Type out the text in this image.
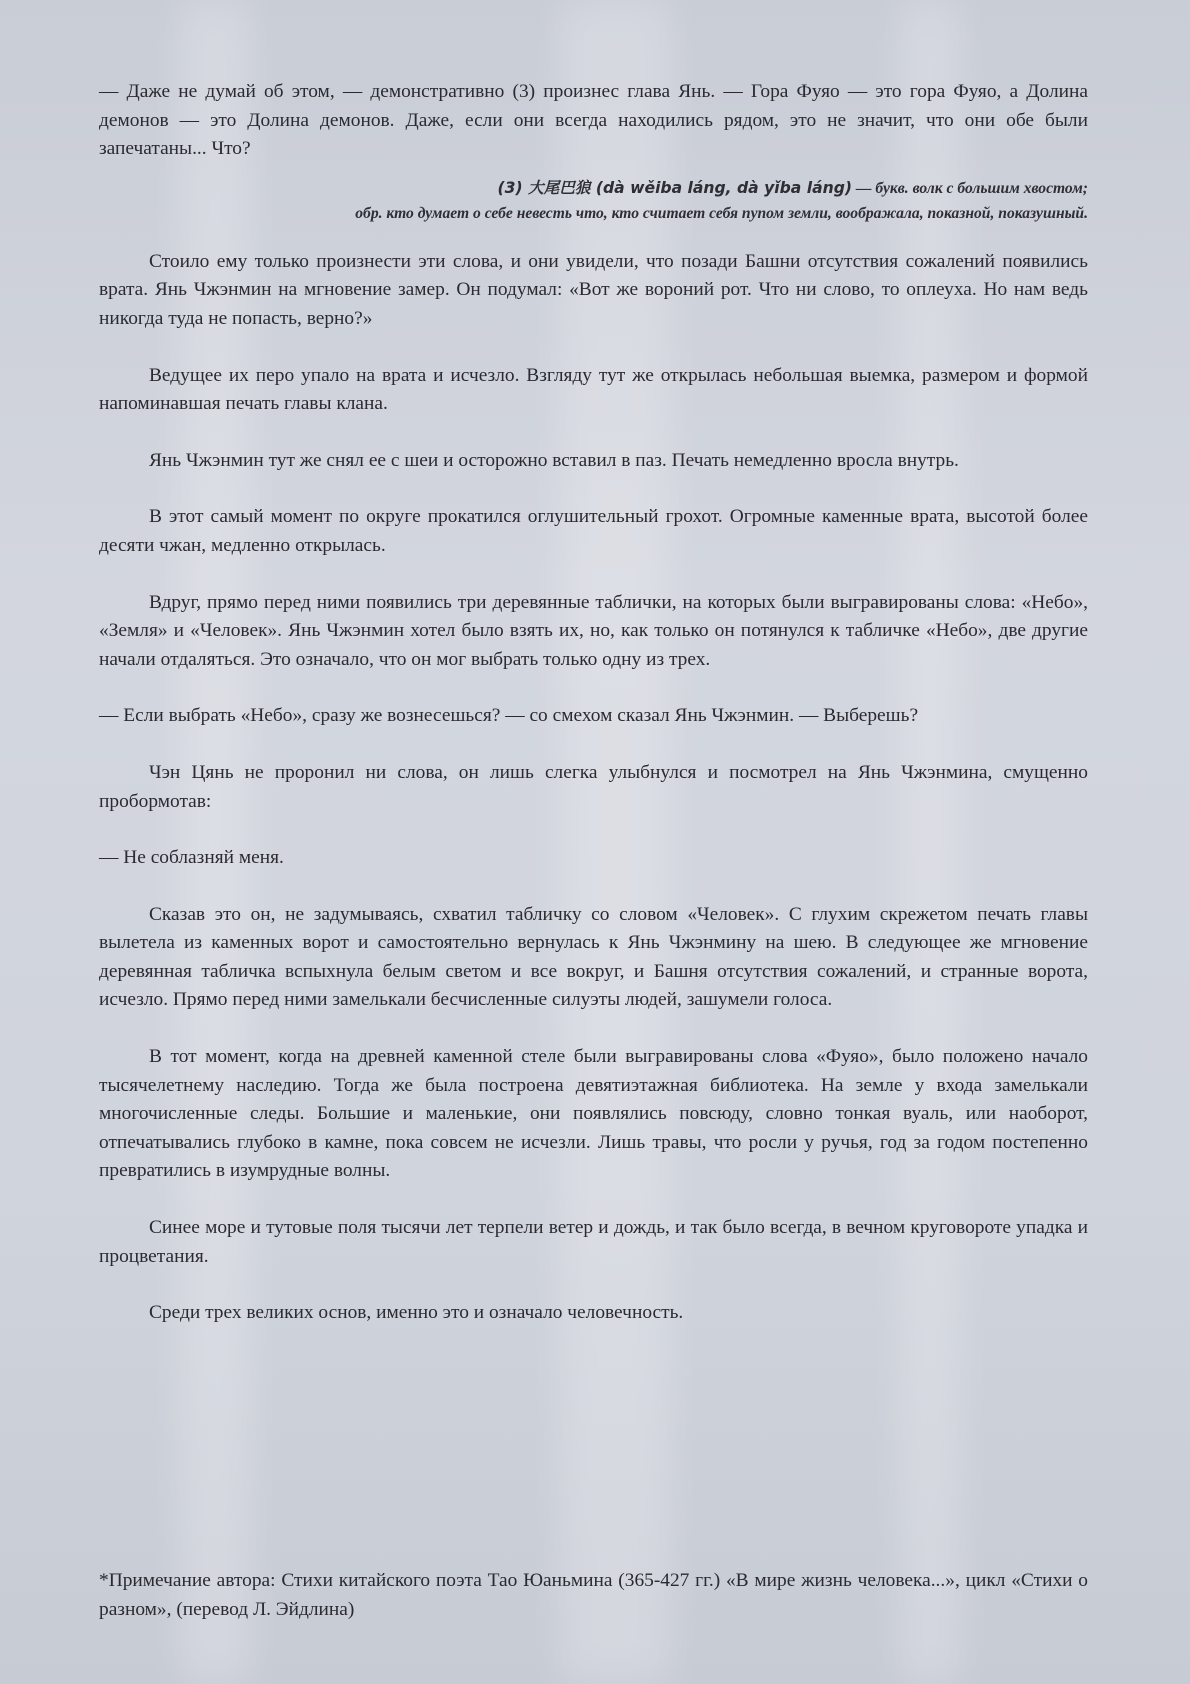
— Даже не думай об этом, — демонстративно (3) произнес глава Янь. — Гора Фуяо — это гора Фуяо, а Долина демонов — это Долина демонов. Даже, если они всегда находились рядом, это не значит, что они обе были запечатаны... Что?

(3) 大尾巴狼 (dà wěiba láng, dà yǐba láng) — букв. волк с большим хвостом;
обр. кто думает о себе невесть что, кто считает себя пупом земли, воображала, показной, показушный.

Стоило ему только произнести эти слова, и они увидели, что позади Башни отсутствия сожалений появились врата. Янь Чжэнмин на мгновение замер. Он подумал: «Вот же вороний рот. Что ни слово, то оплеуха. Но нам ведь никогда туда не попасть, верно?»

Ведущее их перо упало на врата и исчезло. Взгляду тут же открылась небольшая выемка, размером и формой напоминавшая печать главы клана.

Янь Чжэнмин тут же снял ее с шеи и осторожно вставил в паз. Печать немедленно вросла внутрь.

В этот самый момент по округе прокатился оглушительный грохот. Огромные каменные врата, высотой более десяти чжан, медленно открылась.

Вдруг, прямо перед ними появились три деревянные таблички, на которых были выгравированы слова: «Небо», «Земля» и «Человек». Янь Чжэнмин хотел было взять их, но, как только он потянулся к табличке «Небо», две другие начали отдаляться. Это означало, что он мог выбрать только одну из трех.

— Если выбрать «Небо», сразу же вознесешься? — со смехом сказал Янь Чжэнмин. — Выберешь?

Чэн Цянь не проронил ни слова, он лишь слегка улыбнулся и посмотрел на Янь Чжэнмина, смущенно пробормотав:

— Не соблазняй меня.

Сказав это он, не задумываясь, схватил табличку со словом «Человек». С глухим скрежетом печать главы вылетела из каменных ворот и самостоятельно вернулась к Янь Чжэнмину на шею. В следующее же мгновение деревянная табличка вспыхнула белым светом и все вокруг, и Башня отсутствия сожалений, и странные ворота, исчезло. Прямо перед ними замелькали бесчисленные силуэты людей, зашумели голоса.

В тот момент, когда на древней каменной стеле были выгравированы слова «Фуяо», было положено начало тысячелетнему наследию. Тогда же была построена девятиэтажная библиотека. На земле у входа замелькали многочисленные следы. Большие и маленькие, они появлялись повсюду, словно тонкая вуаль, или наоборот, отпечатывались глубоко в камне, пока совсем не исчезли. Лишь травы, что росли у ручья, год за годом постепенно превратились в изумрудные волны.

Синее море и тутовые поля тысячи лет терпели ветер и дождь, и так было всегда, в вечном круговороте упадка и процветания.

Среди трех великих основ, именно это и означало человечность.

*Примечание автора: Стихи китайского поэта Тао Юаньмина (365-427 гг.) «В мире жизнь человека...», цикл «Стихи о разном», (перевод Л. Эйдлина)
